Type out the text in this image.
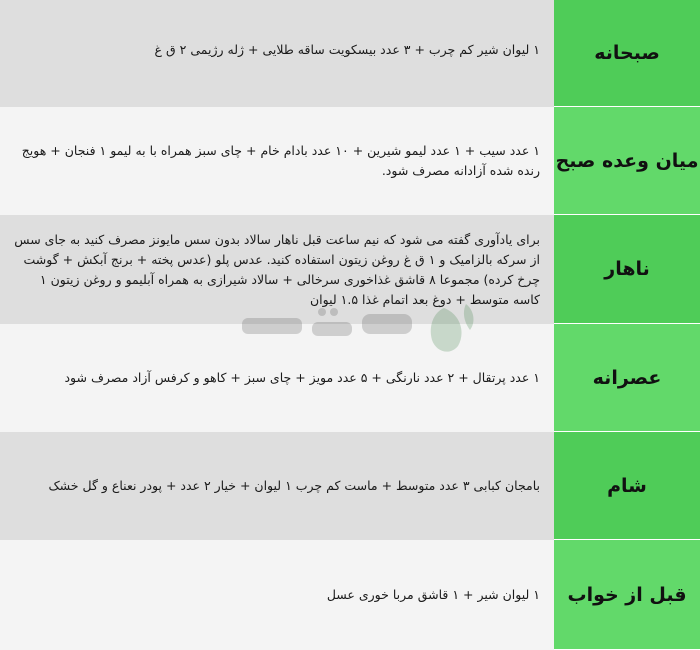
صبحانه
۱ لیوان شیر کم چرب + ۳ عدد بیسکویت ساقه طلایی + ژله رژیمی ۲ ق غ
میان وعده صبح
۱ عدد سیب + ۱ عدد لیمو شیرین + ۱۰ عدد بادام خام + چای سبز همراه با به لیمو ۱ فنجان + هویج رنده شده آزادانه مصرف شود.
ناهار
برای یادآوری گفته می شود که نیم ساعت قبل ناهار سالاد بدون سس مایونز مصرف کنید به جای سس از سرکه بالزامیک و ۱ ق غ روغن زیتون استفاده کنید. عدس پلو (عدس پخته + برنج آبکش + گوشت چرخ کرده) مجموعا ۸ قاشق غذاخوری سرخالی + سالاد شیرازی به همراه آبلیمو و روغن زیتون ۱ کاسه متوسط + دوغ بعد اتمام غذا ۱.۵ لیوان
عصرانه
۱ عدد پرتقال + ۲ عدد نارنگی + ۵ عدد مویز + چای سبز + کاهو و کرفس آزاد مصرف شود
شام
بامجان کبابی ۳ عدد متوسط + ماست کم چرب ۱ لیوان + خیار ۲ عدد + پودر نعناع و گل خشک
قبل از خواب
۱ لیوان شیر + ۱ قاشق مربا خوری عسل
